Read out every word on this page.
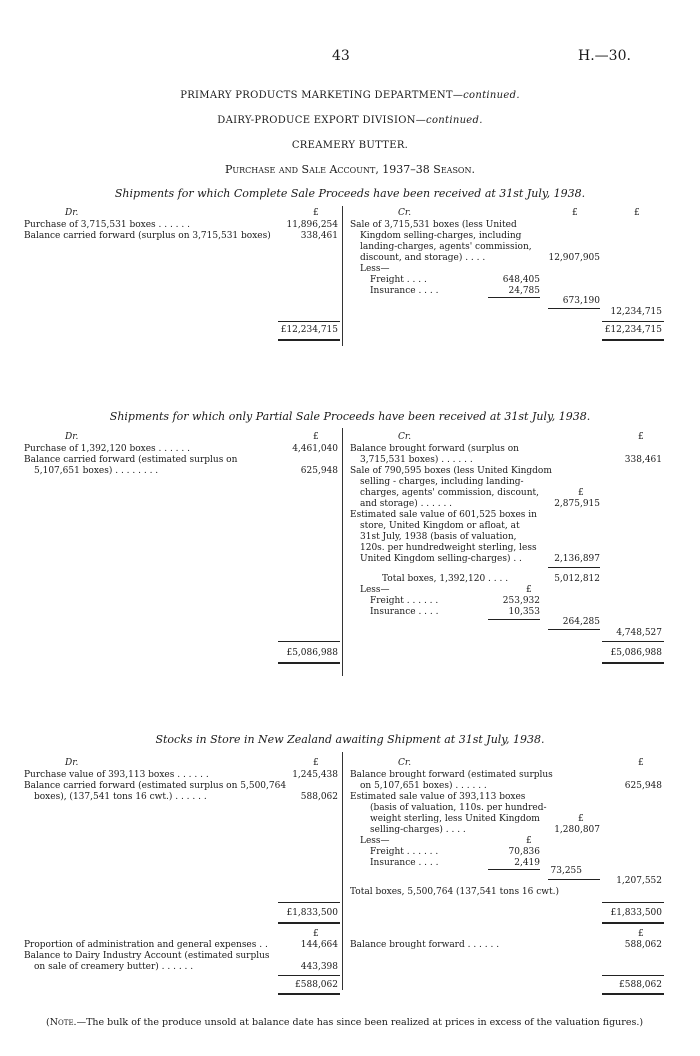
43	H.—30.
PRIMARY PRODUCTS MARKETING DEPARTMENT—continued.
DAIRY-PRODUCE EXPORT DIVISION—continued.
CREAMERY BUTTER.
Purchase and Sale Account, 1937–38 Season.
Shipments for which Complete Sale Proceeds have been received at 31st July, 1938.
Dr.	£	Cr.	£	£
Purchase of 3,715,531 boxes . . . . . .	11,896,254
Balance carried forward (surplus on 3,715,531 boxes)	338,461
Sale of 3,715,531 boxes (less United
Kingdom selling-charges, including
landing-charges, agents' commission,
discount, and storage) . . . .	12,907,905
Less—
Freight . . . .	648,405
Insurance . . . .	24,785
673,190
12,234,715
£12,234,715	£12,234,715
Shipments for which only Partial Sale Proceeds have been received at 31st July, 1938.
Dr.	£	Cr.	£
Purchase of 1,392,120 boxes . . . . . .	4,461,040
Balance carried forward (estimated surplus on
5,107,651 boxes) . . . . . . . .	625,948
Balance brought forward (surplus on
3,715,531 boxes) . . . . . .	338,461
Sale of 790,595 boxes (less United Kingdom
selling - charges, including landing-
charges, agents' commission, discount,	£
and storage) . . . . . .	2,875,915
Estimated sale value of 601,525 boxes in
store, United Kingdom or afloat, at
31st July, 1938 (basis of valuation,
120s. per hundredweight sterling, less
United Kingdom selling-charges) . .	2,136,897
Total boxes, 1,392,120 . . . .	5,012,812
Less—	£
Freight . . . . . .	253,932
Insurance . . . .	10,353
264,285
4,748,527
£5,086,988	£5,086,988
Stocks in Store in New Zealand awaiting Shipment at 31st July, 1938.
Dr.	£	Cr.	£
Purchase value of 393,113 boxes . . . . . .	1,245,438
Balance carried forward (estimated surplus on 5,500,764
boxes), (137,541 tons 16 cwt.) . . . . . .	588,062
Balance brought forward (estimated surplus
on 5,107,651 boxes) . . . . . .	625,948
Estimated sale value of 393,113 boxes
(basis of valuation, 110s. per hundred-
weight sterling, less United Kingdom	£
selling-charges) . . . .	1,280,807
Less—	£
Freight . . . . . .	70,836
Insurance . . . .	2,419
73,255
1,207,552
Total boxes, 5,500,764 (137,541 tons 16 cwt.)
£1,833,500	£1,833,500
£	£
Proportion of administration and general expenses . .	144,664
Balance to Dairy Industry Account (estimated surplus
on sale of creamery butter) . . . . . .	443,398
Balance brought forward . . . . . .	588,062
£588,062	£588,062
(Note.—The bulk of the produce unsold at balance date has since been realized at prices in excess of the valuation figures.)
